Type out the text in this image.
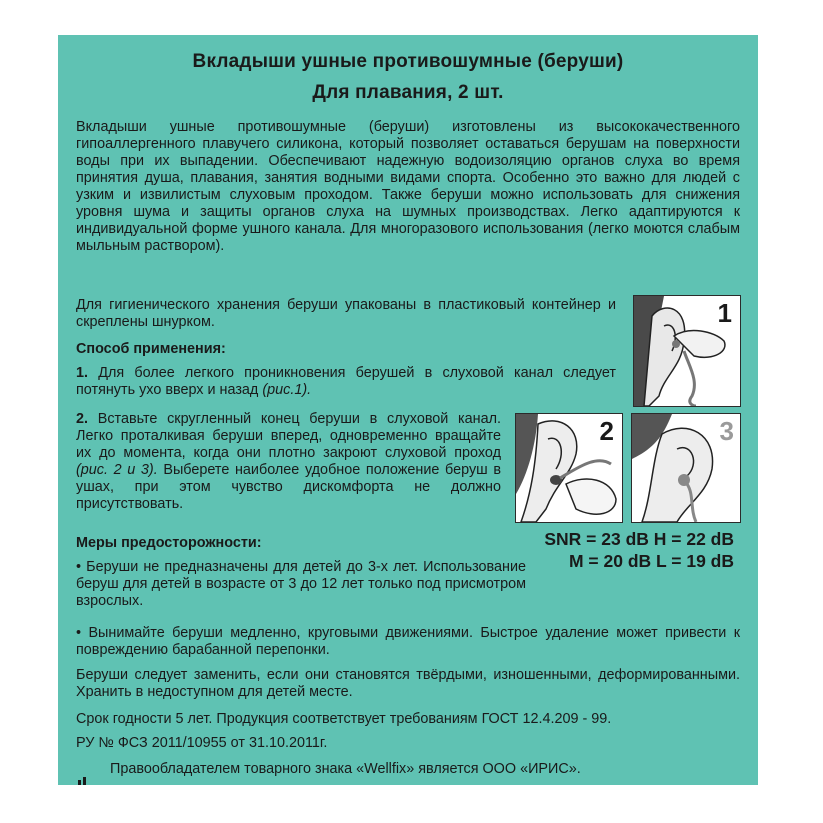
Вкладыши ушные противошумные (беруши)
Для плавания, 2 шт.
Вкладыши ушные противошумные (беруши) изготовлены из высококачественного гипоаллергенного плавучего силикона, который позволяет оставаться берушам на поверхности воды при их выпадении. Обеспечивают надежную водоизоляцию органов слуха во время принятия душа, плавания, занятия водными видами спорта. Особенно это важно для людей с узким и извилистым слуховым проходом. Также беруши можно использовать для снижения уровня шума и защиты органов слуха на шумных производствах. Легко адаптируются к индивидуальной форме ушного канала. Для многоразового использования (легко моются слабым мыльным раствором).
Для гигиенического хранения беруши упакованы в пластиковый контейнер и скреплены шнурком.
Способ применения:
1. Для более легкого проникновения берушей в слуховой канал следует потянуть ухо вверх и назад (рис.1).
2. Вставьте скругленный конец беруши в слуховой канал. Легко проталкивая беруши вперед, одновременно вращайте их до момента, когда они плотно закроют слуховой проход (рис. 2 и 3). Выберете наиболее удобное положение беруш в ушах, при этом чувство дискомфорта не должно присутствовать.
1
2	3
SNR = 23 dB H = 22 dB
M = 20 dB L = 19 dB
Меры предосторожности:
• Беруши не предназначены для детей до 3-х лет. Использование беруш для детей в возрасте от 3 до 12 лет только под присмотром взрослых.
• Вынимайте беруши медленно, круговыми движениями. Быстрое удаление может привести к повреждению барабанной перепонки.
Беруши следует заменить, если они становятся твёрдыми, изношенными, деформированными. Хранить в недоступном для детей месте.
Срок годности 5 лет. Продукция соответствует требованиям ГОСТ 12.4.209 - 99.
РУ № ФСЗ 2011/10955 от 31.10.2011г.
Правообладателем товарного знака «Wellfix» является ООО «ИРИС».
